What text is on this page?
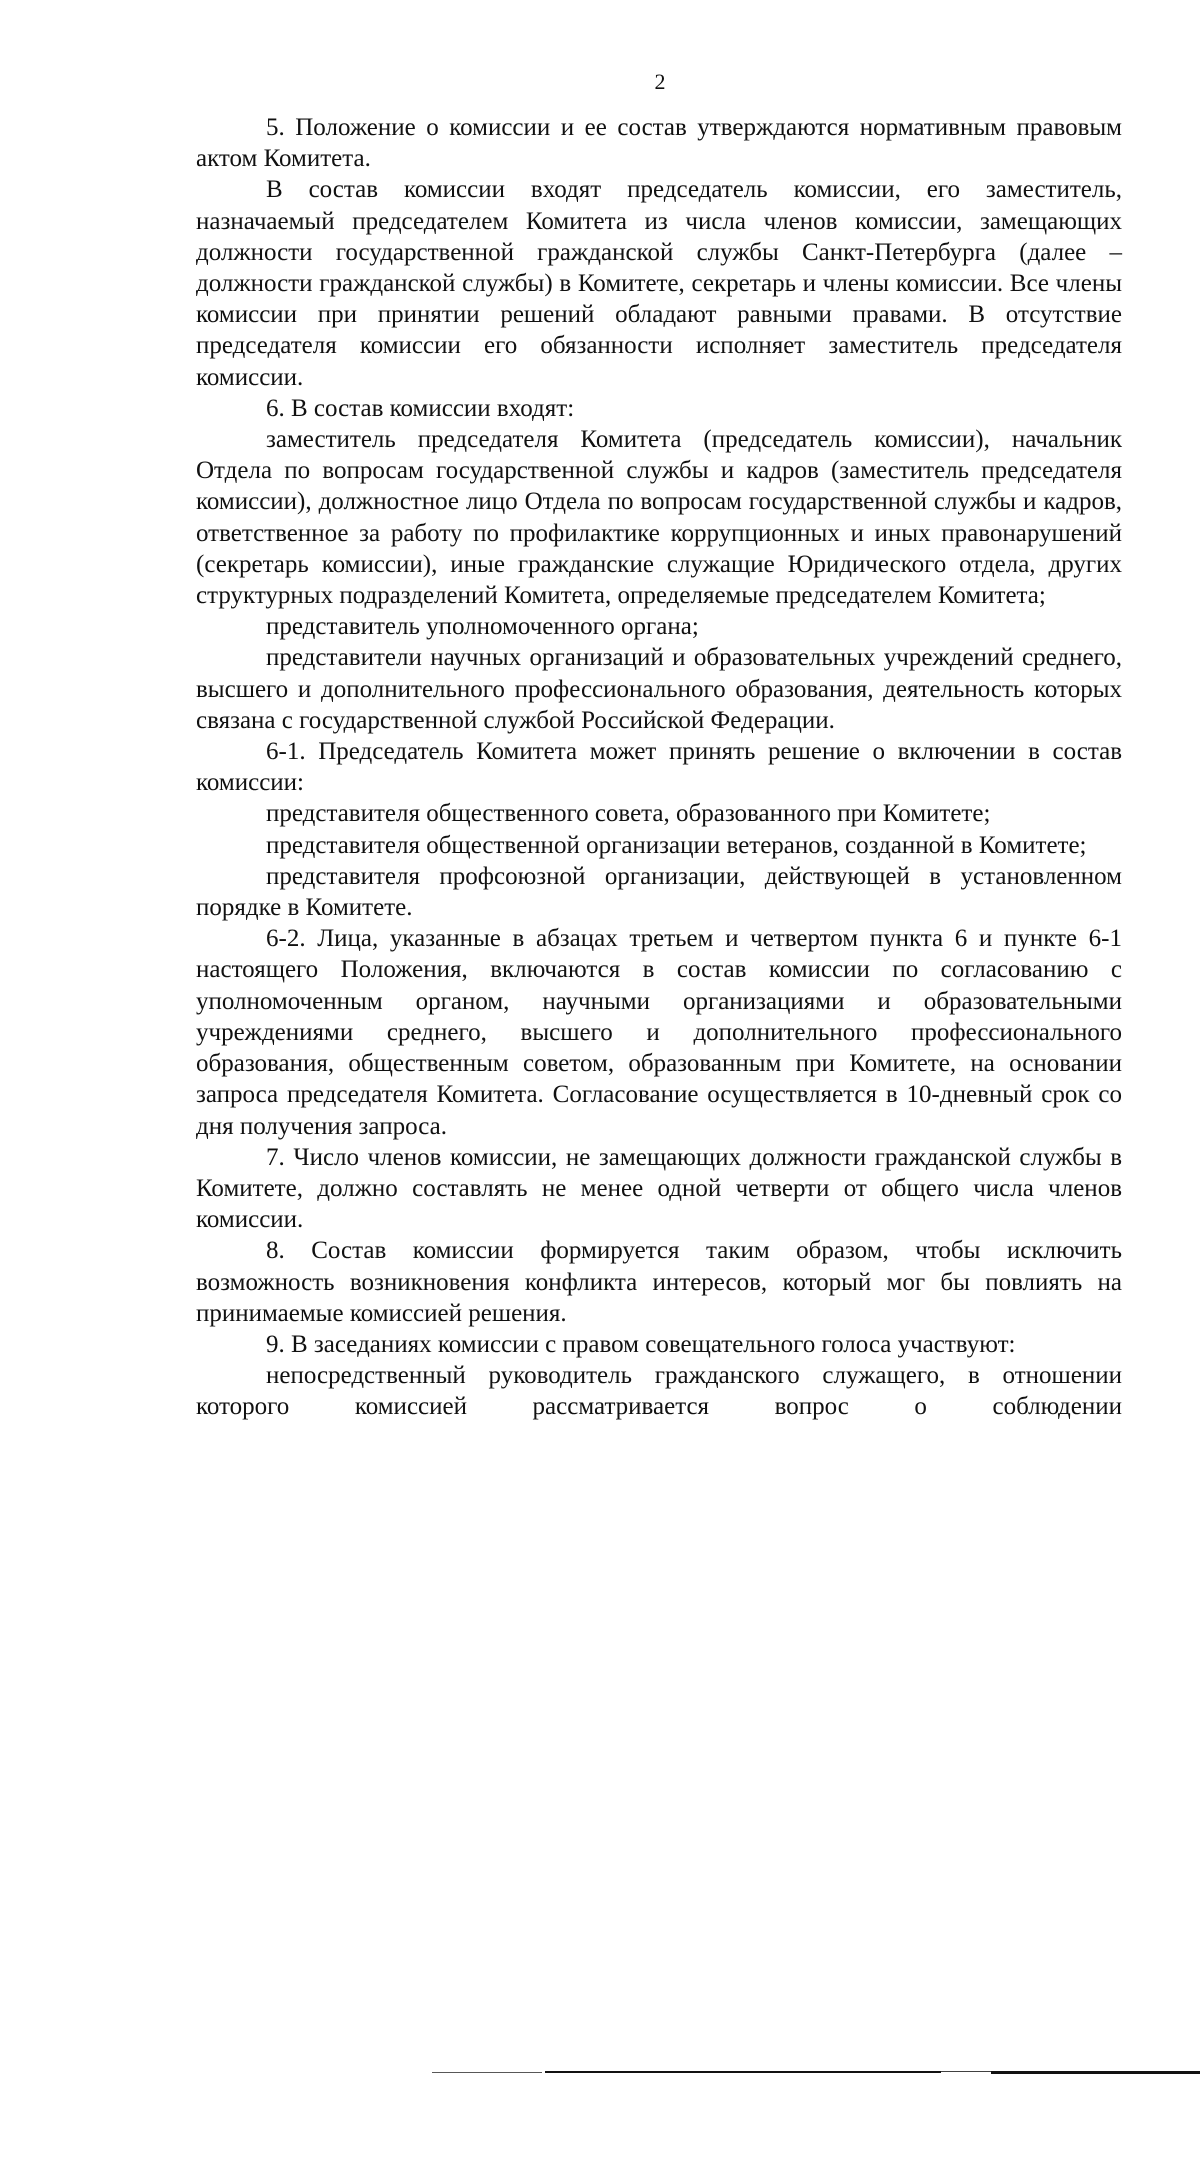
2

5. Положение о комиссии и ее состав утверждаются нормативным правовым актом Комитета.

В состав комиссии входят председатель комиссии, его заместитель, назначаемый председателем Комитета из числа членов комиссии, замещающих должности государственной гражданской службы Санкт-Петербурга (далее – должности гражданской службы) в Комитете, секретарь и члены комиссии. Все члены комиссии при принятии решений обладают равными правами. В отсутствие председателя комиссии его обязанности исполняет заместитель председателя комиссии.

6. В состав комиссии входят:

заместитель председателя Комитета (председатель комиссии), начальник Отдела по вопросам государственной службы и кадров (заместитель председателя комиссии), должностное лицо Отдела по вопросам государственной службы и кадров, ответственное за работу по профилактике коррупционных и иных правонарушений (секретарь комиссии), иные гражданские служащие Юридического отдела, других структурных подразделений Комитета, определяемые председателем Комитета;

представитель уполномоченного органа;

представители научных организаций и образовательных учреждений среднего, высшего и дополнительного профессионального образования, деятельность которых связана с государственной службой Российской Федерации.

6-1. Председатель Комитета может принять решение о включении в состав комиссии:

представителя общественного совета, образованного при Комитете;

представителя общественной организации ветеранов, созданной в Комитете;

представителя профсоюзной организации, действующей в установленном порядке в Комитете.

6-2. Лица, указанные в абзацах третьем и четвертом пункта 6 и пункте 6-1 настоящего Положения, включаются в состав комиссии по согласованию с уполномоченным органом, научными организациями и образовательными учреждениями среднего, высшего и дополнительного профессионального образования, общественным советом, образованным при Комитете, на основании запроса председателя Комитета. Согласование осуществляется в 10-дневный срок со дня получения запроса.

7. Число членов комиссии, не замещающих должности гражданской службы в Комитете, должно составлять не менее одной четверти от общего числа членов комиссии.

8. Состав комиссии формируется таким образом, чтобы исключить возможность возникновения конфликта интересов, который мог бы повлиять на принимаемые комиссией решения.

9. В заседаниях комиссии с правом совещательного голоса участвуют:

непосредственный руководитель гражданского служащего, в отношении которого комиссией рассматривается вопрос о соблюдении
